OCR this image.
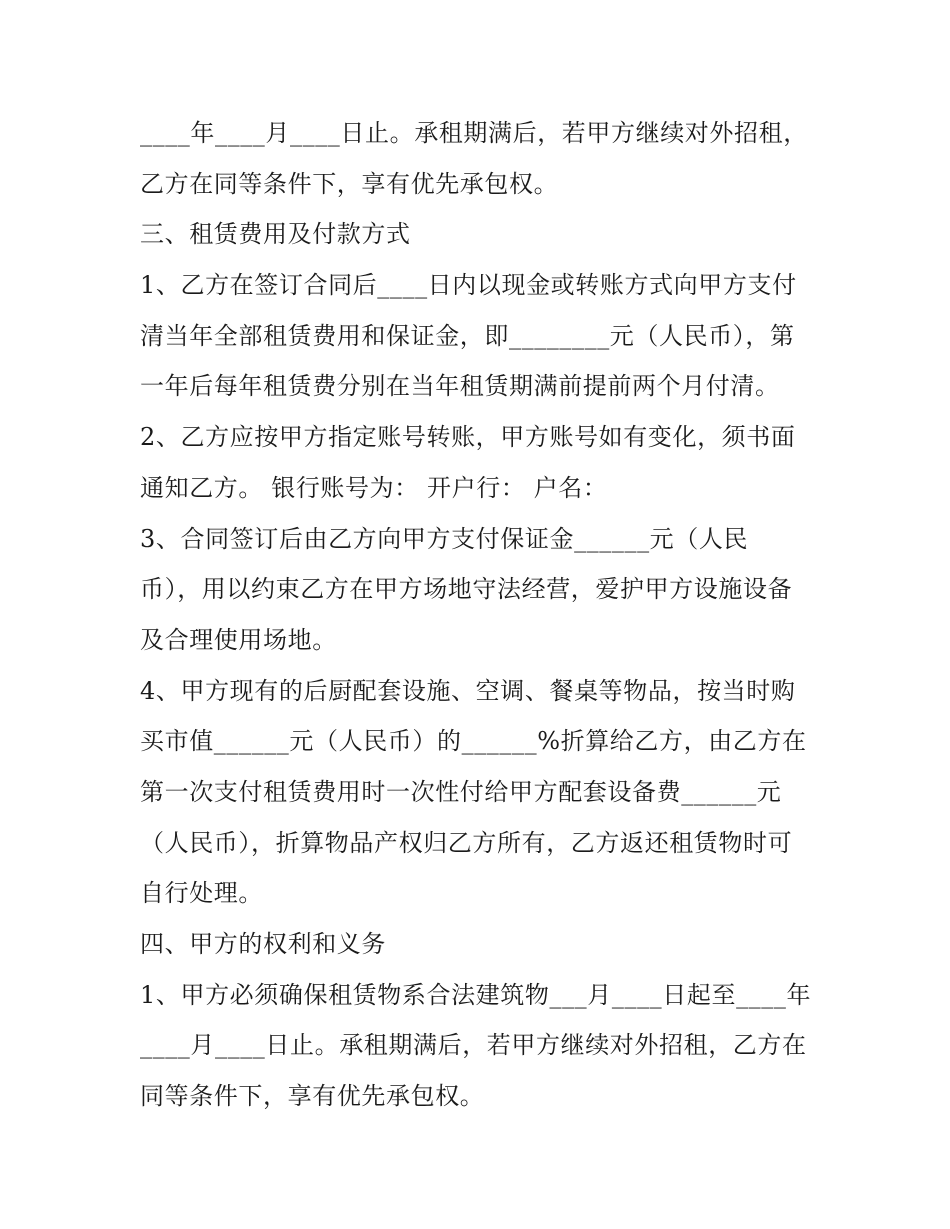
____年____月____日止。承租期满后，若甲方继续对外招租，
乙方在同等条件下，享有优先承包权。
三、租赁费用及付款方式
1、乙方在签订合同后____日内以现金或转账方式向甲方支付
清当年全部租赁费用和保证金，即________元（人民币），第
一年后每年租赁费分别在当年租赁期满前提前两个月付清。
2、乙方应按甲方指定账号转账，甲方账号如有变化，须书面
通知乙方。 银行账号为： 开户行： 户名：
3、合同签订后由乙方向甲方支付保证金______元（人民
币），用以约束乙方在甲方场地守法经营，爱护甲方设施设备
及合理使用场地。
4、甲方现有的后厨配套设施、空调、餐桌等物品，按当时购
买市值______元（人民币）的______%折算给乙方，由乙方在
第一次支付租赁费用时一次性付给甲方配套设备费______元
（人民币），折算物品产权归乙方所有，乙方返还租赁物时可
自行处理。
四、甲方的权利和义务
1、甲方必须确保租赁物系合法建筑物___月____日起至____年
____月____日止。承租期满后，若甲方继续对外招租，乙方在
同等条件下，享有优先承包权。
